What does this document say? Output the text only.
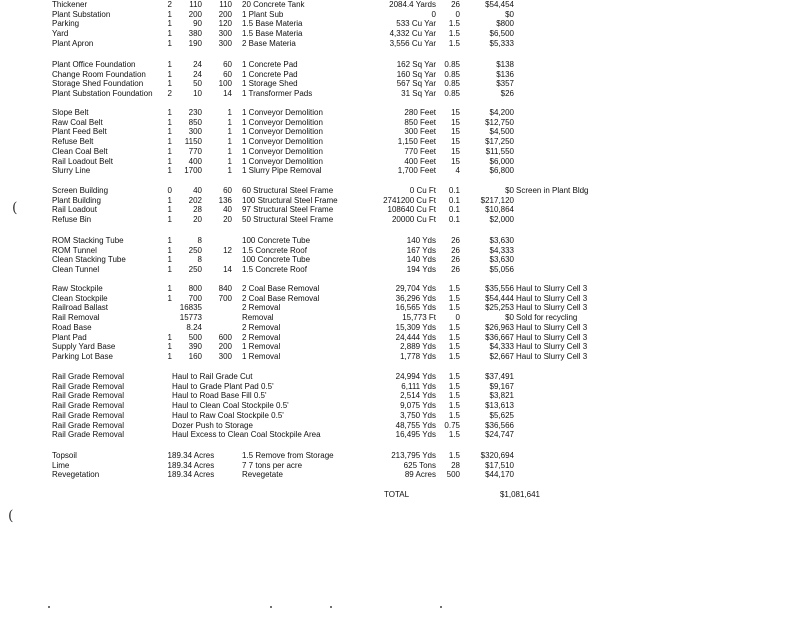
Thickener	2	110	110 20 Concrete Tank	2084.4 Yards	26	$54,454
Plant Substation	1	200	200 1 Plant Sub	0	0	$0
Parking	1	90	120 1.5 Base Materia	533 Cu Yar	1.5	$800
Yard	1	380	300 1.5 Base Materia	4,332 Cu Yar	1.5	$6,500
Plant Apron	1	190	300 2 Base Materia	3,556 Cu Yar	1.5	$5,333
Plant Office Foundation	1	24	60 1 Concrete Pad	162 Sq Yar	0.85	$138
Change Room Foundation	1	24	60 1 Concrete Pad	160 Sq Yar	0.85	$136
Storage Shed Foundation	1	50	100 1 Storage Shed	567 Sq Yar	0.85	$357
Plant Substation Foundation	2	10	14 1 Transformer Pads	31 Sq Yar	0.85	$26
Slope Belt	1	230	1 1 Conveyor Demolition	280 Feet	15	$4,200
Raw Coal Belt	1	850	1 1 Conveyor Demolition	850 Feet	15	$12,750
Plant Feed Belt	1	300	1 1 Conveyor Demolition	300 Feet	15	$4,500
Refuse Belt	1	1150	1 1 Conveyor Demolition	1,150 Feet	15	$17,250
Clean Coal Belt	1	770	1 1 Conveyor Demolition	770 Feet	15	$11,550
Rail Loadout Belt	1	400	1 1 Conveyor Demolition	400 Feet	15	$6,000
Slurry Line	1	1700	1 1 Slurry Pipe Removal	1,700 Feet	4	$6,800
Screen Building	0	40	60 60 Structural Steel Frame	0 Cu Ft	0.1	$0 Screen in Plant Bldg
Plant Building	1	202	136 100 Structural Steel Frame	2741200 Cu Ft	0.1	$217,120
Rail Loadout	1	28	40 97 Structural Steel Frame	108640 Cu Ft	0.1	$10,864
Refuse Bin	1	20	20 50 Structural Steel Frame	20000 Cu Ft	0.1	$2,000
ROM Stacking Tube	1	8	100 Concrete Tube	140 Yds	26	$3,630
ROM Tunnel	1	250	12 1.5 Concrete Roof	167 Yds	26	$4,333
Clean Stacking Tube	1	8	100 Concrete Tube	140 Yds	26	$3,630
Clean Tunnel	1	250	14 1.5 Concrete Roof	194 Yds	26	$5,056
Raw Stockpile	1	800	840 2 Coal Base Removal	29,704 Yds	1.5	$35,556 Haul to Slurry Cell 3
Clean Stockpile	1	700	700 2 Coal Base Removal	36,296 Yds	1.5	$54,444 Haul to Slurry Cell 3
Railroad Ballast	16835	2 Removal	16,565 Yds	1.5	$25,253 Haul to Slurry Cell 3
Rail Removal	15773	Removal	15,773 Ft	0	$0 Sold for recycling
Road Base	8.24	2 Removal	15,309 Yds	1.5	$26,963 Haul to Slurry Cell 3
Plant Pad	1	500	600 2 Removal	24,444 Yds	1.5	$36,667 Haul to Slurry Cell 3
Supply Yard Base	1	390	200 1 Removal	2,889 Yds	1.5	$4,333 Haul to Slurry Cell 3
Parking Lot Base	1	160	300 1 Removal	1,778 Yds	1.5	$2,667 Haul to Slurry Cell 3
Rail Grade Removal	Haul to Rail Grade Cut	24,994 Yds	1.5	$37,491
Rail Grade Removal	Haul to Grade Plant Pad 0.5'	6,111 Yds	1.5	$9,167
Rail Grade Removal	Haul to Road Base Fill 0.5'	2,514 Yds	1.5	$3,821
Rail Grade Removal	Haul to Clean Coal Stockpile 0.5'	9,075 Yds	1.5	$13,613
Rail Grade Removal	Haul to Raw Coal Stockpile 0.5'	3,750 Yds	1.5	$5,625
Rail Grade Removal	Dozer Push to Storage	48,755 Yds	0.75	$36,566
Rail Grade Removal	Haul Excess to Clean Coal Stockpile Area	16,495 Yds	1.5	$24,747
Topsoil	1 89.34 Acres	1.5 Remove from Storage	213,795 Yds	1.5	$320,694
Lime	1 89.34 Acres	7 7 tons per acre	625 Tons	28	$17,510
Revegetation	1 89.34 Acres	Revegetate	89 Acres	500	$44,170
TOTAL	$1,081,641
(
(
